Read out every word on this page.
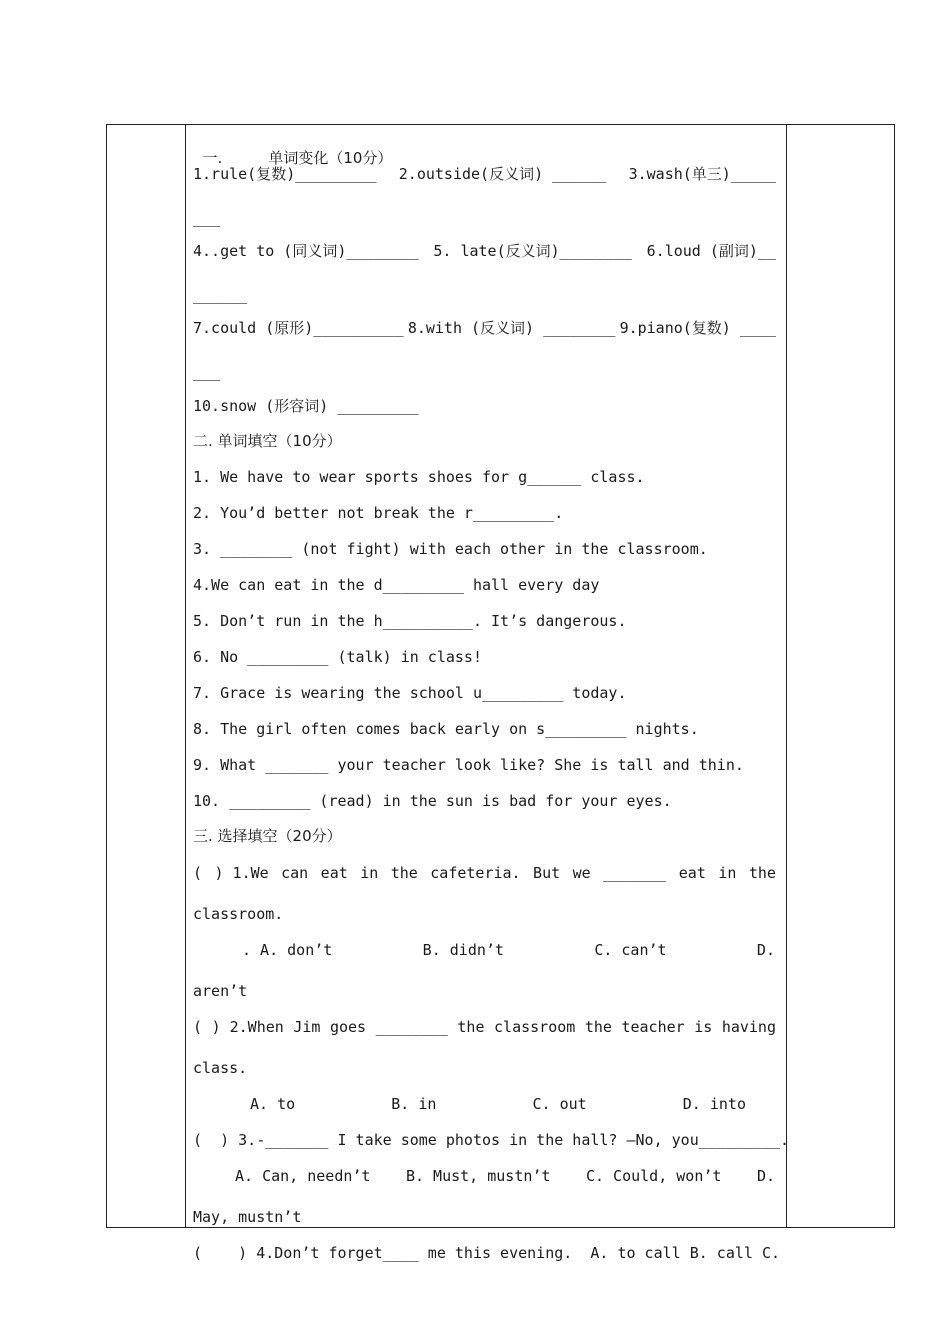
一.	单词变化（10分）

1.rule(复数)_________ 2.outside(反义词) ______ 3.wash(单三)_____
___
4..get to (同义词)________ 5. late(反义词)________ 6.loud (副词)__
______
7.could (原形)__________ 8.with (反义词) ________ 9.piano(复数) ____
___
10.snow (形容词) _________
二. 单词填空（10分）
1. We have to wear sports shoes for g______ class.
2. You’d better not break the r_________.
3. ________ (not fight) with each other in the classroom.
4.We can eat in the d_________ hall every day
5. Don’t run in the h__________. It’s dangerous.
6. No _________ (talk) in class!
7. Grace is wearing the school u_________ today.
8. The girl often comes back early on s_________ nights.
9. What _______ your teacher look like? She is tall and thin.
10. _________ (read) in the sun is bad for your eyes.
三. 选择填空（20分）
( ) 1.We can eat in the cafeteria. But we _______ eat in the
classroom.
. A. don’t	B. didn’t	C. can’t	D.
aren’t
( ) 2.When Jim goes ________ the classroom the teacher is having
class.
A. to	B. in	C. out	D. into
(  ) 3.-_______ I take some photos in the hall? –No, you_________.
A. Can, needn’t B. Must, mustn’t C. Could, won’t D.
May, mustn’t
(    ) 4.Don’t forget____ me this evening.  A. to call B. call C.
